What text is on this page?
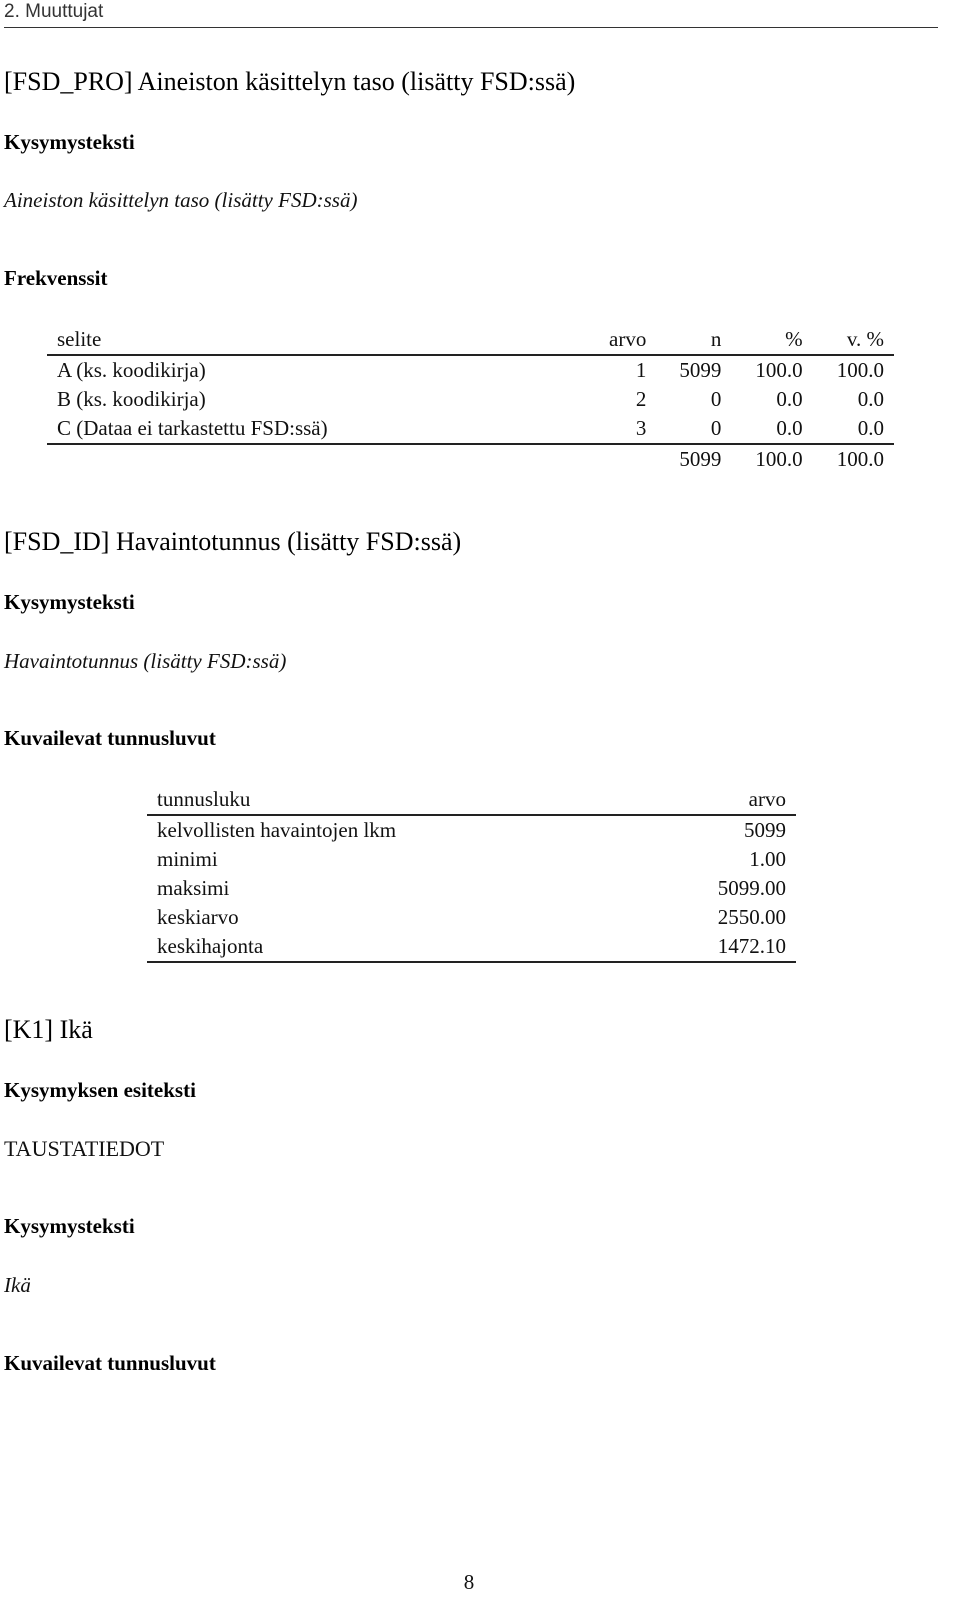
2. Muuttujat
[FSD_PRO] Aineiston käsittelyn taso (lisätty FSD:ssä)
Kysymysteksti
Aineiston käsittelyn taso (lisätty FSD:ssä)
Frekvenssit
selite	arvo	n	%	v. %
A (ks. koodikirja)	1	5099	100.0	100.0
B (ks. koodikirja)	2	0	0.0	0.0
C (Dataa ei tarkastettu FSD:ssä)	3	0	0.0	0.0
		5099	100.0	100.0
[FSD_ID] Havaintotunnus (lisätty FSD:ssä)
Kysymysteksti
Havaintotunnus (lisätty FSD:ssä)
Kuvailevat tunnusluvut
tunnusluku	arvo
kelvollisten havaintojen lkm	5099
minimi	1.00
maksimi	5099.00
keskiarvo	2550.00
keskihajonta	1472.10
[K1] Ikä
Kysymyksen esiteksti
TAUSTATIEDOT
Kysymysteksti
Ikä
Kuvailevat tunnusluvut
8
